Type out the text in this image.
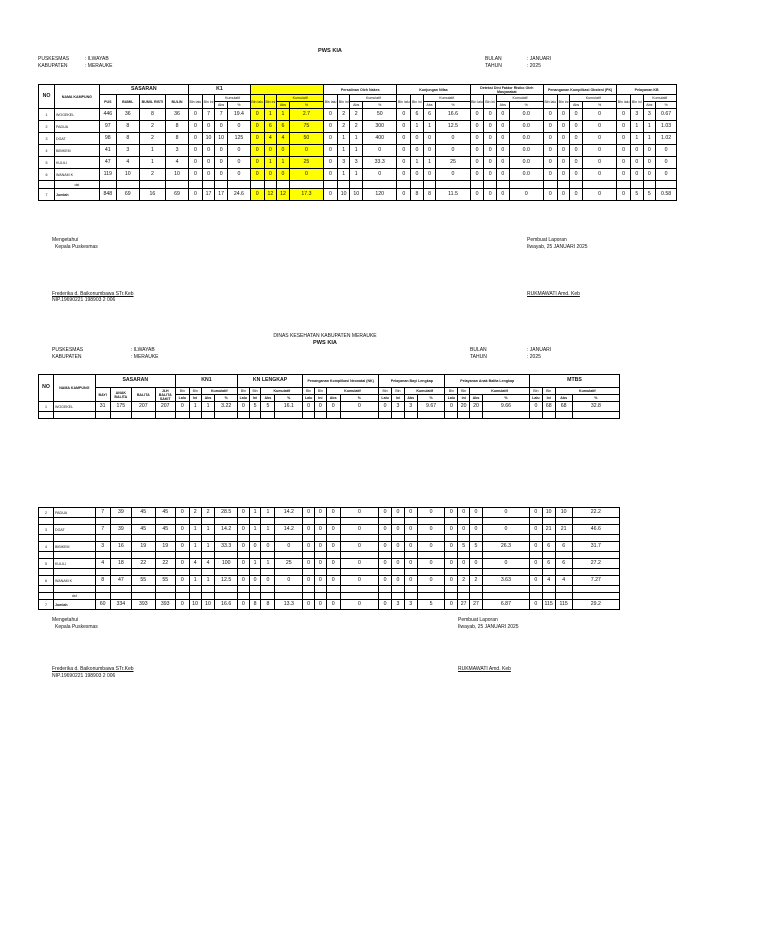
PWS KIA
PUSKESMAS	: ILWAYAB
KABUPATEN	: MERAUKE
BULAN	: JANUARI
TAHUN	: 2025
NO	NAMA KAMPUNG	SASARAN				K1								Persalinan Oleh Nakes				Kunjungan Nifas				Deteksi Dini Faktor Risiko Oleh Masyarakat				Penanganan Komplikasi Obsteni (PK)				Pelayanan KB			
		PUS	BUMIL	BUMIL RISTI	BULIN	Bln lalu	Bln ini	Kumulatif		Bln lalu	Bln ini	Kumulatif		Bln lalu	Bln ini	Kumulatif		Bln lalu	Bln ini	Kumulatif		Bln lalu	Bln ini	Kumulatif		Bln lalu	Bln ini	Kumulatif		Bln lalu	Bln ini	Kumulatif	
								Abs	%			Abs	%			Abs	%			Abs	%			Abs	%			Abs	%			Abs	%
1	WOGEKEL	446	36	8	36	0	7	7	19.4	0	1	1	2.7	0	2	2	50	0	6	6	16.6	0	0	0	0.0	0	0	0	0	0	3	3	0.67
2	PADUA	97	8	2	8	0	0	0	0	0	6	6	75	0	2	2	300	0	1	1	12.5	0	0	0	0.0	0	0	0	0	0	1	1	1.03
3	DGAT	98	8	2	8	0	10	10	125	0	4	4	50	0	1	1	400	0	0	0	0	0	0	0	0.0	0	0	0	0	0	1	1	1.02
4	BIBIKEM	41	3	1	3	0	0	0	0	0	0	0	0	0	1	1	0	0	0	0	0	0	0	0	0.0	0	0	0	0	0	0	0	0
5	KULILI	47	4	1	4	0	0	0	0	0	1	1	25	0	3	3	33.3	0	1	1	25	0	0	0	0.0	0	0	0	0	0	0	0	0
6	WANAM K	119	10	2	10	0	0	0	0	0	0	0	0	0	1	1	0	0	0	0	0	0	0	0	0.0	0	0	0	0	0	0	0	0
	dst																																
7	Jumlah	848	69	16	69	0	17	17	24.6	0	12	12	17.3	0	10	10	120	0	8	8	11.5	0	0	0	0	0	0	0	0	0	5	5	0.58
Mengetahui
Kepala Puskesmas
Pembuat Laporan
Ilwayab, 25 JANUARI 2025
Frederika d. Baikonumbawa STr.Keb
NIP.19690221 198903 2 006
RUKMAWATI Amd. Keb
DINAS KESEHATAN KABUPATEN MERAUKE
PWS KIA
PUSKESMAS	: ILWAYAB
KABUPATEN	: MERAUKE
BULAN	: JANUARI
TAHUN	: 2025
NO	NAMA KAMPUNG	SASARAN				KN1				KN LENGKAP				Penanganan Komplikasi Neonatal (NK)				Pelayanan Bayi Lengkap				Pelayanan Anak Balita Lengkap				MTBS			
		BAYI	ANAK BALITA	BALITA	JLH BALITA SAKIT	Bln	Bln	Kumulatif		Bln	Bln	Kumulatif		Bln	Bln	Kumulatif		Bln	Bln	Kumulatif		Bln	Bln	Kumulatif		Bln	Bln	Kumulatif	
						Lalu	Ini	Abs	%	Lalu	Ini	Abs	%	Lalu	Ini	Abs	%	Lalu	Ini	Abs	%	Lalu	Ini	Abs	%	Lalu	Ini	Abs	%
1	WOGEKEL	31	175	207	207	0	1	1	3.22	0	5	5	16.1	0	0	0	0	0	3	3	9.67	0	20	20	9.66	0	68	68	32.8

2	PADUA	7	39	45	45	0	2	2	28.5	0	1	1	14.2	0	0	0	0	0	0	0	0	0	0	0	0	0	10	10	22.2

3	DGAT	7	39	45	45	0	1	1	14.2	0	1	1	14.2	0	0	0	0	0	0	0	0	0	0	0	0	0	21	21	46.6

4	BIBIKEM	3	16	19	19	0	1	1	33.3	0	0	0	0	0	0	0	0	0	0	0	0	0	5	5	26.3	0	6	6	31.7

5	KULILI	4	18	22	22	0	4	4	100	0	1	1	25	0	0	0	0	0	0	0	0	0	0	0	0	0	6	6	27.2

6	WANAM K	8	47	55	55	0	1	1	12.5	0	0	0	0	0	0	0	0	0	0	0	0	0	2	2	3.63	0	4	4	7.27

	dst																												
7	Jumlah	60	334	393	393	0	10	10	16.6	0	8	8	13.3	0	0	0	0	0	3	3	5	0	27	27	6.87	0	115	115	29.2
Mengetahui
Kepala Puskesmas
Pembuat Laporan
Ilwayab, 25 JANUARI 2025
Frederika d. Baikonumbawa STr.Keb
NIP.19690221 198903 2 006
RUKMAWATI Amd. Keb
